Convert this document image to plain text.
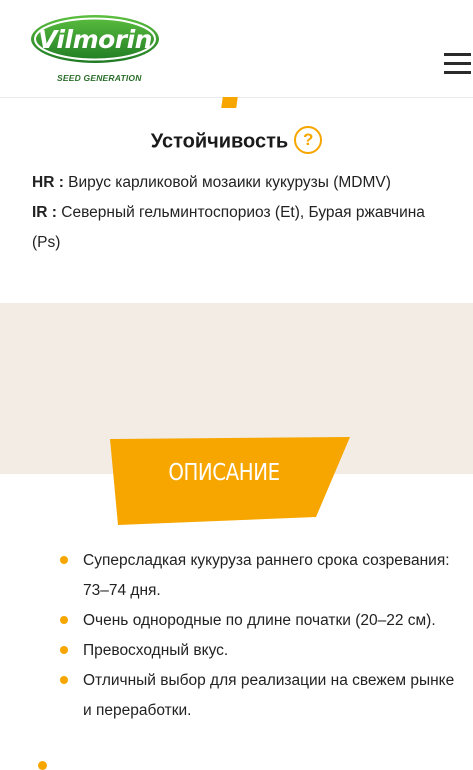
Vilmorin
SEED GENERATION
Устойчивость ?
HR : Вирус карликовой мозаики кукурузы (MDMV)
IR : Северный гельминтоспориоз (Et), Бурая ржавчина (Ps)
ОПИСАНИЕ
Суперсладкая кукуруза раннего срока созревания: 73–74 дня.
Очень однородные по длине початки (20–22 см).
Превосходный вкус.
Отличный выбор для реализации на свежем рынке и переработки.
